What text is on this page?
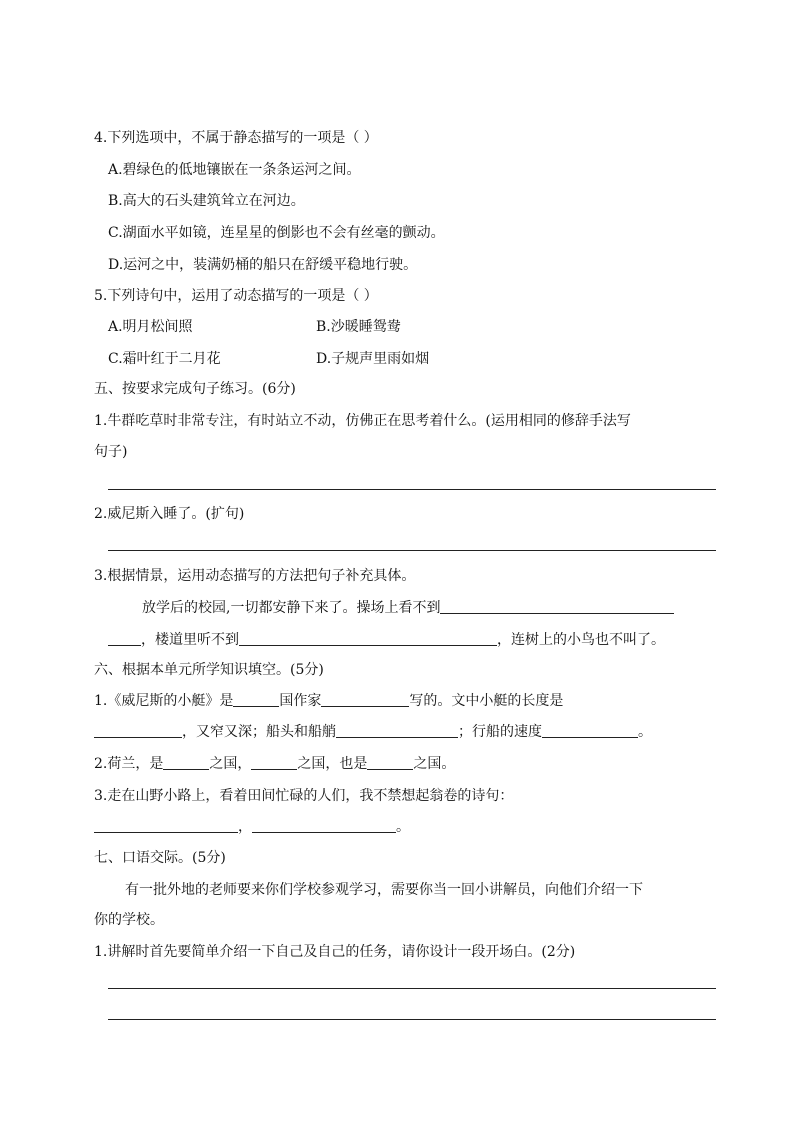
4.下列选项中，不属于静态描写的一项是（ ）
A.碧绿色的低地镶嵌在一条条运河之间。
B.高大的石头建筑耸立在河边。
C.湖面水平如镜，连星星的倒影也不会有丝毫的颤动。
D.运河之中，装满奶桶的船只在舒缓平稳地行驶。
5.下列诗句中，运用了动态描写的一项是（ ）
A.明月松间照	B.沙暖睡鸳鸯
C.霜叶红于二月花	D.子规声里雨如烟
五、按要求完成句子练习。(6分)
1.牛群吃草时非常专注，有时站立不动，仿佛正在思考着什么。(运用相同的修辞手法写
句子)
2.威尼斯入睡了。(扩句)
3.根据情景，运用动态描写的方法把句子补充具体。
放学后的校园,一切都安静下来了。操场上看不到
，楼道里听不到	，连树上的小鸟也不叫了。
六、根据本单元所学知识填空。(5分)
1.《威尼斯的小艇》是	国作家	写的。文中小艇的长度是
，又窄又深；船头和船艄	；行船的速度	。
2.荷兰，是	之国，	之国，也是	之国。
3.走在山野小路上，看着田间忙碌的人们，我不禁想起翁卷的诗句：
，	。
七、口语交际。(5分)
有一批外地的老师要来你们学校参观学习，需要你当一回小讲解员，向他们介绍一下
你的学校。
1.讲解时首先要简单介绍一下自己及自己的任务，请你设计一段开场白。(2分)
